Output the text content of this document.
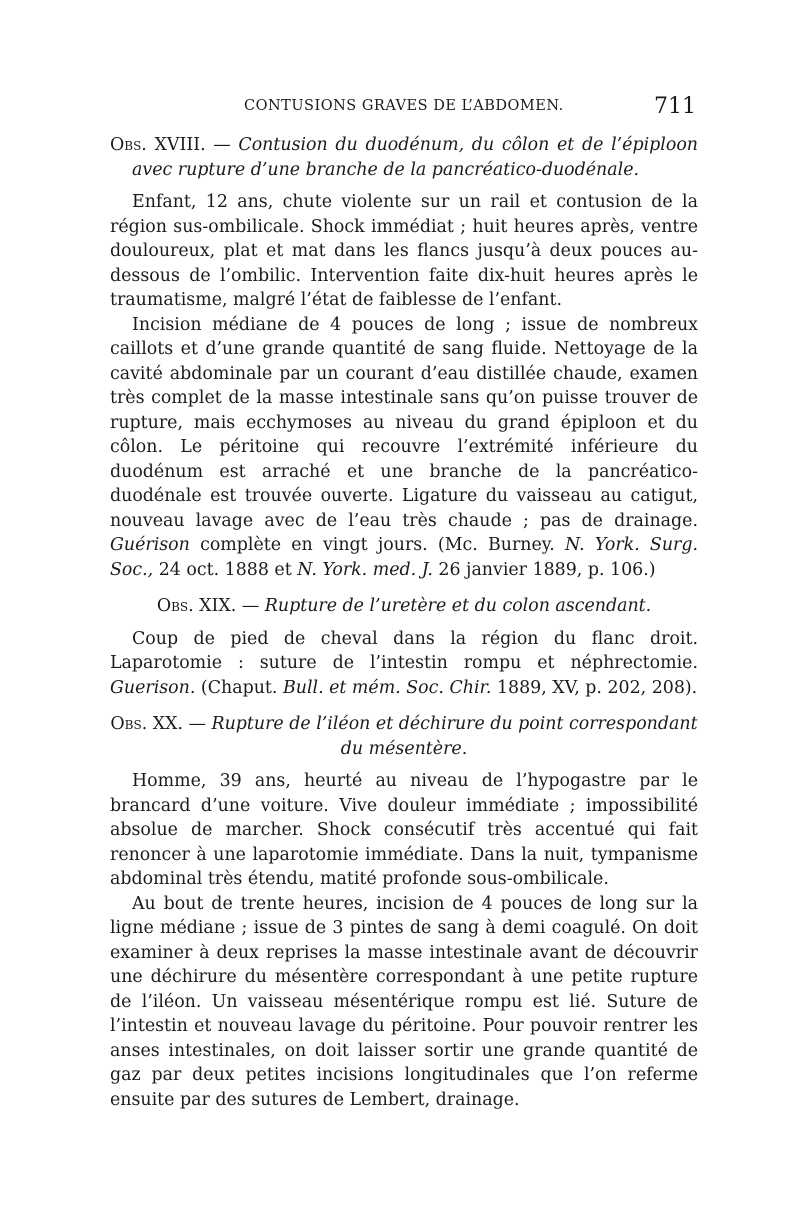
CONTUSIONS GRAVES DE L’ABDOMEN.	711
Obs. XVIII. — Contusion du duodénum, du côlon et de l’épiploon avec rupture d’une branche de la pancréatico-duodénale.

Enfant, 12 ans, chute violente sur un rail et contusion de la région sus-ombilicale. Shock immédiat ; huit heures après, ventre douloureux, plat et mat dans les flancs jusqu’à deux pouces au-dessous de l’ombilic. Intervention faite dix-huit heures après le traumatisme, malgré l’état de faiblesse de l’enfant.

Incision médiane de 4 pouces de long ; issue de nombreux caillots et d’une grande quantité de sang fluide. Nettoyage de la cavité abdominale par un courant d’eau distillée chaude, examen très complet de la masse intestinale sans qu’on puisse trouver de rupture, mais ecchymoses au niveau du grand épiploon et du côlon. Le péritoine qui recouvre l’extrémité inférieure du duodénum est arraché et une branche de la pancréatico-duodénale est trouvée ouverte. Ligature du vaisseau au catigut, nouveau lavage avec de l’eau très chaude ; pas de drainage. Guérison complète en vingt jours. (Mc. Burney. N. York. Surg. Soc., 24 oct. 1888 et N. York. med. J. 26 janvier 1889, p. 106.)

Obs. XIX. — Rupture de l’uretère et du colon ascendant.

Coup de pied de cheval dans la région du flanc droit. Laparotomie : suture de l’intestin rompu et néphrectomie. Guerison. (Chaput. Bull. et mém. Soc. Chir. 1889, XV, p. 202, 208).

Obs. XX. — Rupture de l’iléon et déchirure du point correspondant du mésentère.

Homme, 39 ans, heurté au niveau de l’hypogastre par le brancard d’une voiture. Vive douleur immédiate ; impossibilité absolue de marcher. Shock consécutif très accentué qui fait renoncer à une laparotomie immédiate. Dans la nuit, tympanisme abdominal très étendu, matité profonde sous-ombilicale.

Au bout de trente heures, incision de 4 pouces de long sur la ligne médiane ; issue de 3 pintes de sang à demi coagulé. On doit examiner à deux reprises la masse intestinale avant de découvrir une déchirure du mésentère correspondant à une petite rupture de l’iléon. Un vaisseau mésentérique rompu est lié. Suture de l’intestin et nouveau lavage du péritoine. Pour pouvoir rentrer les anses intestinales, on doit laisser sortir une grande quantité de gaz par deux petites incisions longitudinales que l’on referme ensuite par des sutures de Lembert, drainage.
